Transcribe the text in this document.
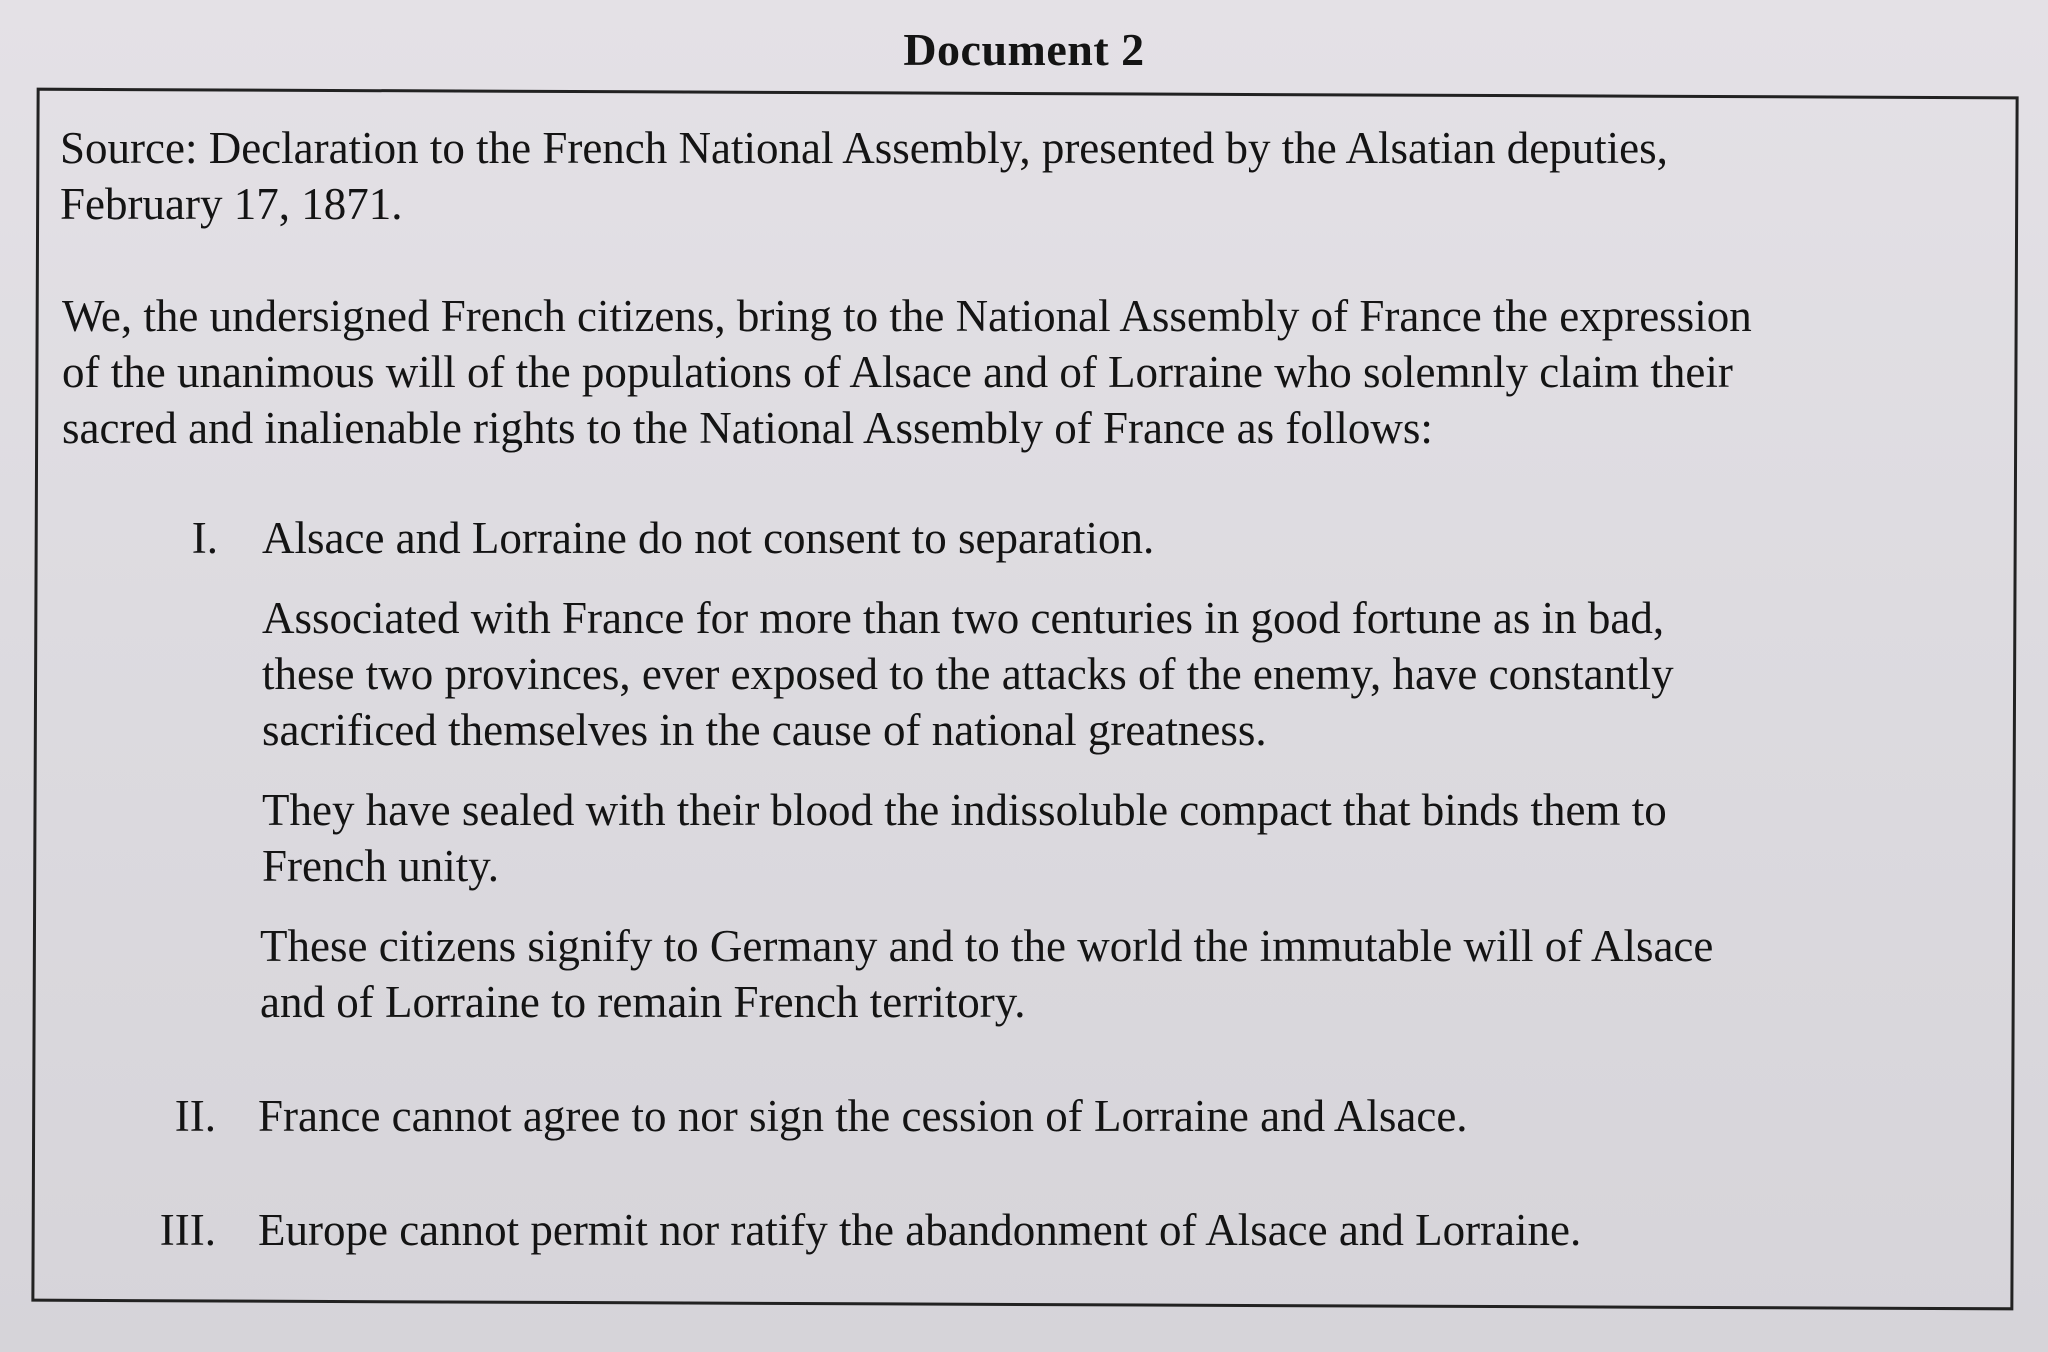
Document 2
Source: Declaration to the French National Assembly, presented by the Alsatian deputies,
February 17, 1871.
We, the undersigned French citizens, bring to the National Assembly of France the expression
of the unanimous will of the populations of Alsace and of Lorraine who solemnly claim their
sacred and inalienable rights to the National Assembly of France as follows:
I. Alsace and Lorraine do not consent to separation.
Associated with France for more than two centuries in good fortune as in bad,
these two provinces, ever exposed to the attacks of the enemy, have constantly
sacrificed themselves in the cause of national greatness.
They have sealed with their blood the indissoluble compact that binds them to
French unity.
These citizens signify to Germany and to the world the immutable will of Alsace
and of Lorraine to remain French territory.
II. France cannot agree to nor sign the cession of Lorraine and Alsace.
III. Europe cannot permit nor ratify the abandonment of Alsace and Lorraine.
